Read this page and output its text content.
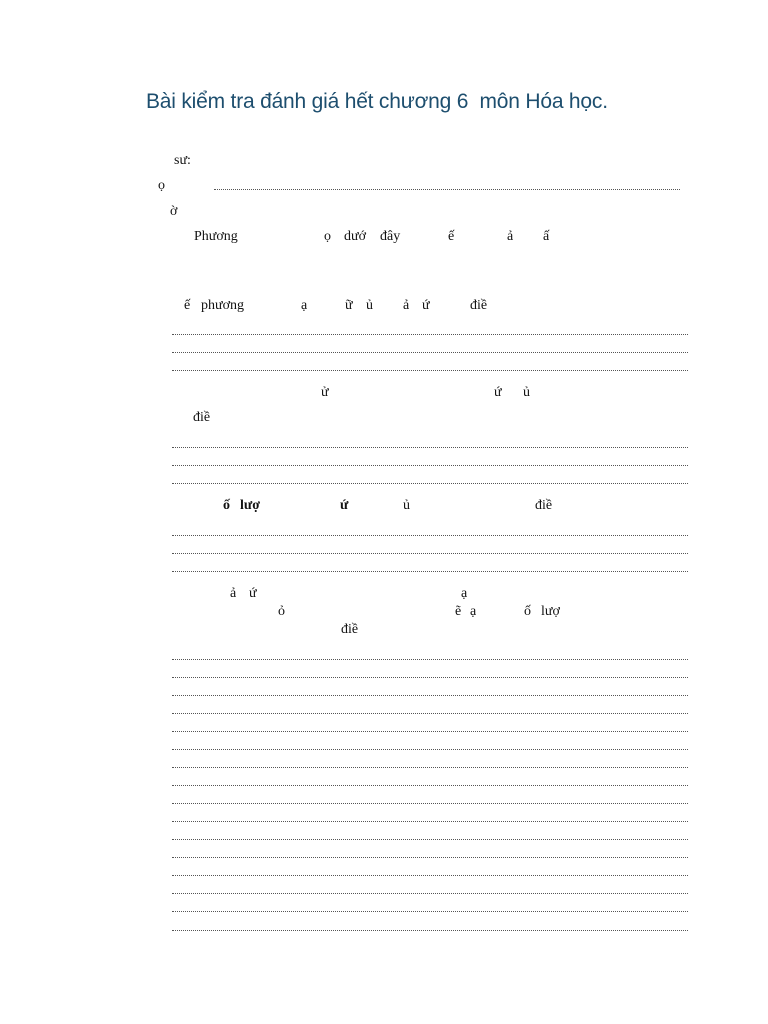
Bài kiểm tra đánh giá hết chương 6  môn Hóa học.
sư:
ọ
ờ
Phương	ọ dướ đây	ế	ả ấ
ế phương	ạ	ữ ủ ả ứ	điề
ử	ứ ủ
điề
ố lượ	ứ	ủ	điề
ả ứ	ạ
ỏ	ẽ ạ	ố lượ
điề
